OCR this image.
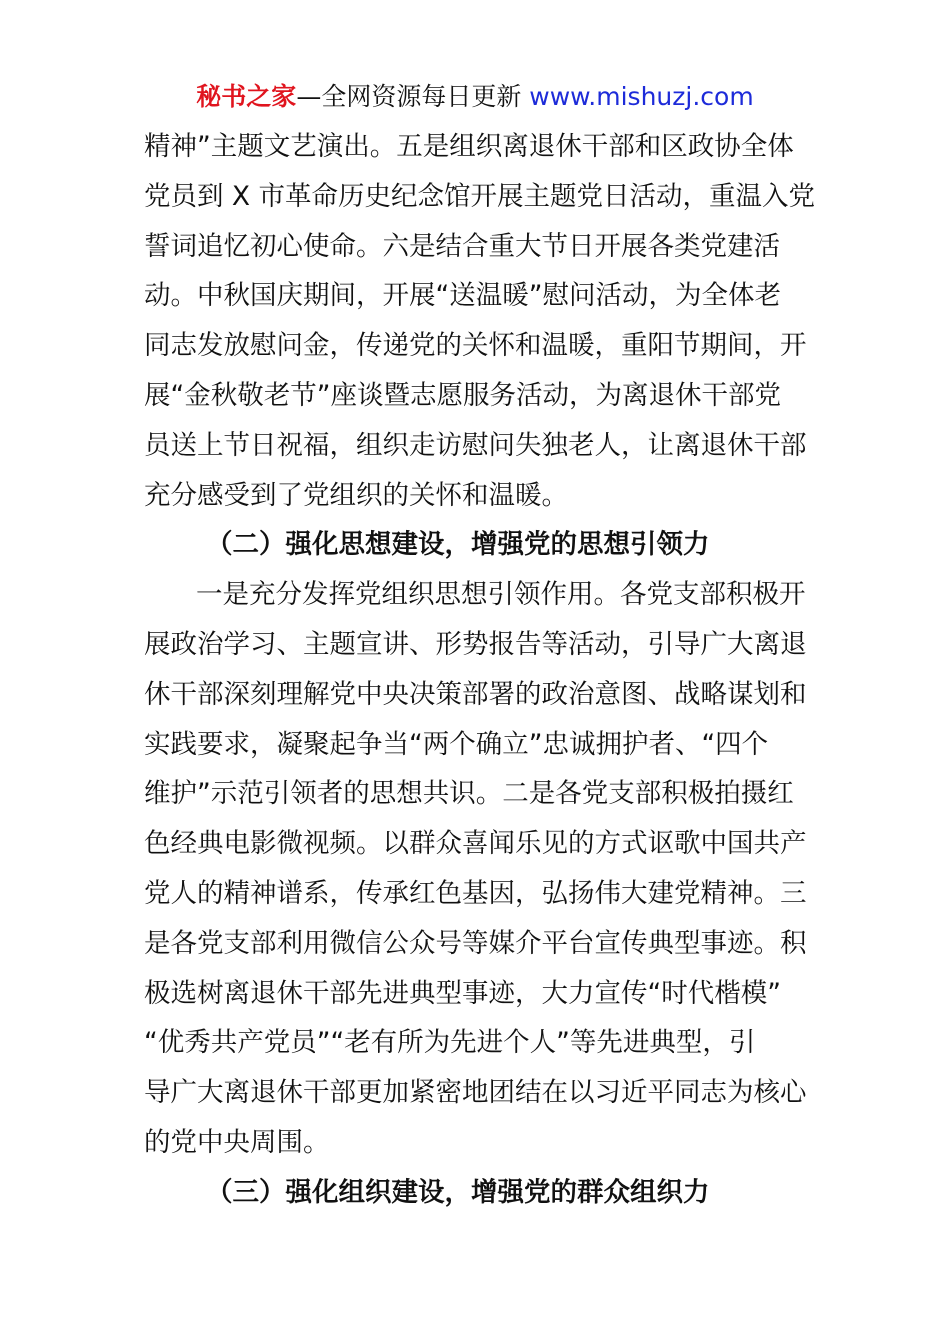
秘书之家—全网资源每日更新 www.mishuzj.com
精神”主题文艺演出。五是组织离退休干部和区政协全体
党员到 X 市革命历史纪念馆开展主题党日活动，重温入党
誓词追忆初心使命。六是结合重大节日开展各类党建活
动。中秋国庆期间，开展“送温暖”慰问活动，为全体老
同志发放慰问金，传递党的关怀和温暖，重阳节期间，开
展“金秋敬老节”座谈暨志愿服务活动，为离退休干部党
员送上节日祝福，组织走访慰问失独老人，让离退休干部
充分感受到了党组织的关怀和温暖。
（二）强化思想建设，增强党的思想引领力
一是充分发挥党组织思想引领作用。各党支部积极开
展政治学习、主题宣讲、形势报告等活动，引导广大离退
休干部深刻理解党中央决策部署的政治意图、战略谋划和
实践要求，凝聚起争当“两个确立”忠诚拥护者、“四个
维护”示范引领者的思想共识。二是各党支部积极拍摄红
色经典电影微视频。以群众喜闻乐见的方式讴歌中国共产
党人的精神谱系，传承红色基因，弘扬伟大建党精神。三
是各党支部利用微信公众号等媒介平台宣传典型事迹。积
极选树离退休干部先进典型事迹，大力宣传“时代楷模”
“优秀共产党员”“老有所为先进个人”等先进典型，引
导广大离退休干部更加紧密地团结在以习近平同志为核心
的党中央周围。
（三）强化组织建设，增强党的群众组织力
